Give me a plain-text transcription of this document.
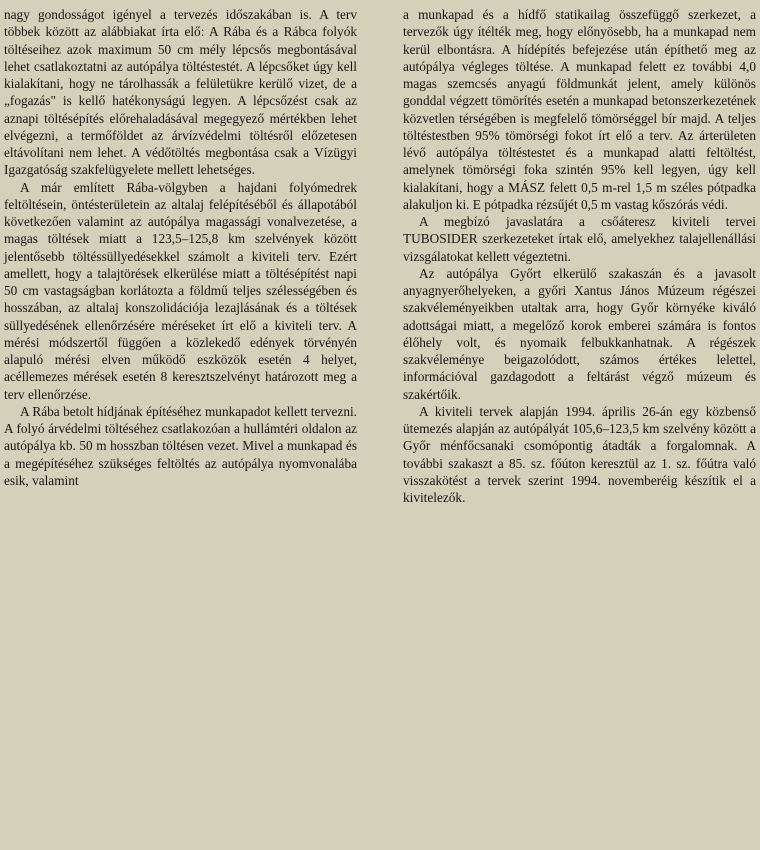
nagy gondosságot igényel a tervezés időszakában is. A terv többek között az alábbiakat írta elő: A Rába és a Rábca folyók töltéseihez azok maximum 50 cm mély lépcsős megbontásával lehet csatlakoztatni az autópálya töltéstestét. A lépcsőket úgy kell kialakítani, hogy ne tárolhassák a felületükre kerülő vizet, de a „fogazás" is kellő hatékonyságú legyen. A lépcsőzést csak az aznapi töltésépítés előrehaladásával megegyező mértékben lehet elvégezni, a termőföldet az árvízvédelmi töltésről előzetesen eltávolítani nem lehet. A védőtöltés megbontása csak a Vízügyi Igazgatóság szakfelügyelete mellett lehetséges.

A már említett Rába-völgyben a hajdani folyómedrek feltöltésein, öntésterületein az altalaj felépítéséből és állapotából következően valamint az autópálya magassági vonalvezetése, a magas töltések miatt a 123,5–125,8 km szelvények között jelentősebb töltéssüllyedésekkel számolt a kiviteli terv. Ezért amellett, hogy a talajtörések elkerülése miatt a töltésépítést napi 50 cm vastagságban korlátozta a földmű teljes szélességében és hosszában, az altalaj konszolidációja lezajlásának és a töltések süllyedésének ellenőrzésére méréseket írt elő a kiviteli terv. A mérési módszertől függően a közlekedő edények törvényén alapuló mérési elven működő eszközök esetén 4 helyet, acéllemezes mérések esetén 8 keresztszelvényt határozott meg a terv ellenőrzése.

A Rába betolt hídjának építéséhez munkapadot kellett tervezni. A folyó árvédelmi töltéséhez csatlakozóan a hullámtéri oldalon az autópálya kb. 50 m hosszban töltésen vezet. Mivel a munkapad és a megépítéséhez szükséges feltöltés az autópálya nyomvonalába esik, valamint

a munkapad és a hídfő statikailag összefüggő szerkezet, a tervezők úgy ítélték meg, hogy előnyösebb, ha a munkapad nem kerül elbontásra. A hídépítés befejezése után építhető meg az autópálya végleges töltése. A munkapad felett ez további 4,0 magas szemcsés anyagú földmunkát jelent, amely különös gonddal végzett tömörítés esetén a munkapad betonszerkezetének közvetlen térségében is megfelelő tömörséggel bír majd. A teljes töltéstestben 95% tömörségi fokot írt elő a terv. Az árterületen lévő autópálya töltéstestet és a munkapad alatti feltöltést, amelynek tömörségi foka szintén 95% kell legyen, úgy kell kialakítani, hogy a MÁSZ felett 0,5 m-rel 1,5 m széles pótpadka alakuljon ki. E pótpadka rézsűjét 0,5 m vastag kőszórás védi.

A megbízó javaslatára a csőáteresz kiviteli tervei TUBOSIDER szerkezeteket írtak elő, amelyekhez talajellenállási vizsgálatokat kellett végeztetni.

Az autópálya Győrt elkerülő szakaszán és a javasolt anyagnyerőhelyeken, a győri Xantus János Múzeum régészei szakvéleményeikben utaltak arra, hogy Győr környéke kiváló adottságai miatt, a megelőző korok emberei számára is fontos élőhely volt, és nyomaik felbukkanhatnak. A régészek szakvéleménye beigazolódott, számos értékes lelettel, információval gazdagodott a feltárást végző múzeum és szakértőik.

A kiviteli tervek alapján 1994. április 26-án egy közbenső ütemezés alapján az autópályát 105,6–123,5 km szelvény között a Győr ménfőcsanaki csomópontig átadták a forgalomnak. A további szakaszt a 85. sz. főúton keresztül az 1. sz. főútra való visszakötést a tervek szerint 1994. novemberéig készítik el a kivitelezők.
